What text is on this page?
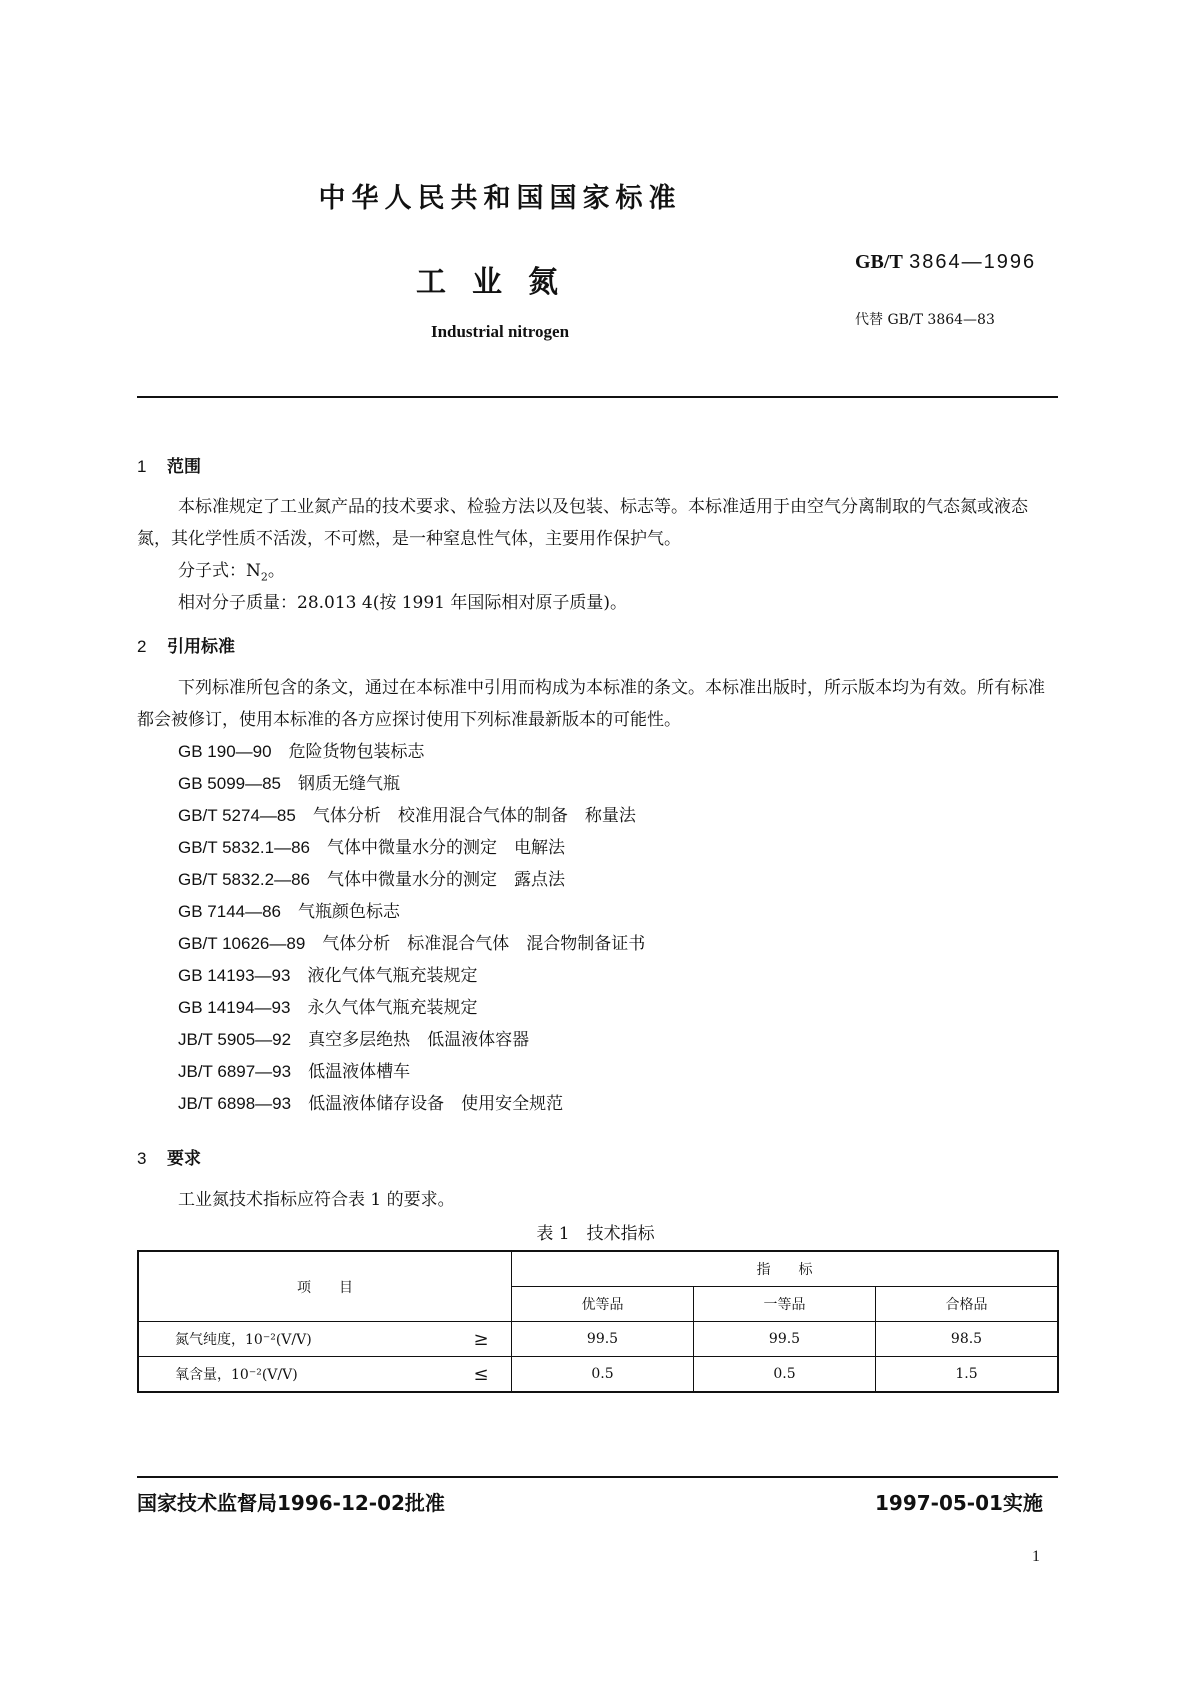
中华人民共和国国家标准
工业氮
Industrial nitrogen
GB/T 3864—1996
代替 GB/T 3864—83
1 范围
本标准规定了工业氮产品的技术要求、检验方法以及包装、标志等。本标准适用于由空气分离制取的气态氮或液态氮，其化学性质不活泼，不可燃，是一种窒息性气体，主要用作保护气。
分子式：$N_2$。
相对分子质量：28.013 4(按 1991 年国际相对原子质量)。
2 引用标准
下列标准所包含的条文，通过在本标准中引用而构成为本标准的条文。本标准出版时，所示版本均为有效。所有标准都会被修订，使用本标准的各方应探讨使用下列标准最新版本的可能性。
GB 190—90　 危险货物包装标志
GB 5099—85　 钢质无缝气瓶
GB/T 5274—85　 气体分析　校准用混合气体的制备　称量法
GB/T 5832.1—86　 气体中微量水分的测定　电解法
GB/T 5832.2—86　 气体中微量水分的测定　露点法
GB 7144—86　 气瓶颜色标志
GB/T 10626—89　 气体分析　标准混合气体　混合物制备证书
GB 14193—93　 液化气体气瓶充装规定
GB 14194—93　 永久气体气瓶充装规定
JB/T 5905—92　 真空多层绝热　低温液体容器
JB/T 6897—93　 低温液体槽车
JB/T 6898—93　 低温液体储存设备　使用安全规范
3 要求
工业氮技术指标应符合表 1 的要求。
表 1　技术指标
项　　目		指　　标		
		优等品	一等品	合格品
氮气纯度，10⁻²(V/V)	≥	99.5	99.5	98.5
氧含量，10⁻²(V/V)	≤	0.5	0.5	1.5
国家技术监督局1996-12-02批准	1997-05-01实施
1
